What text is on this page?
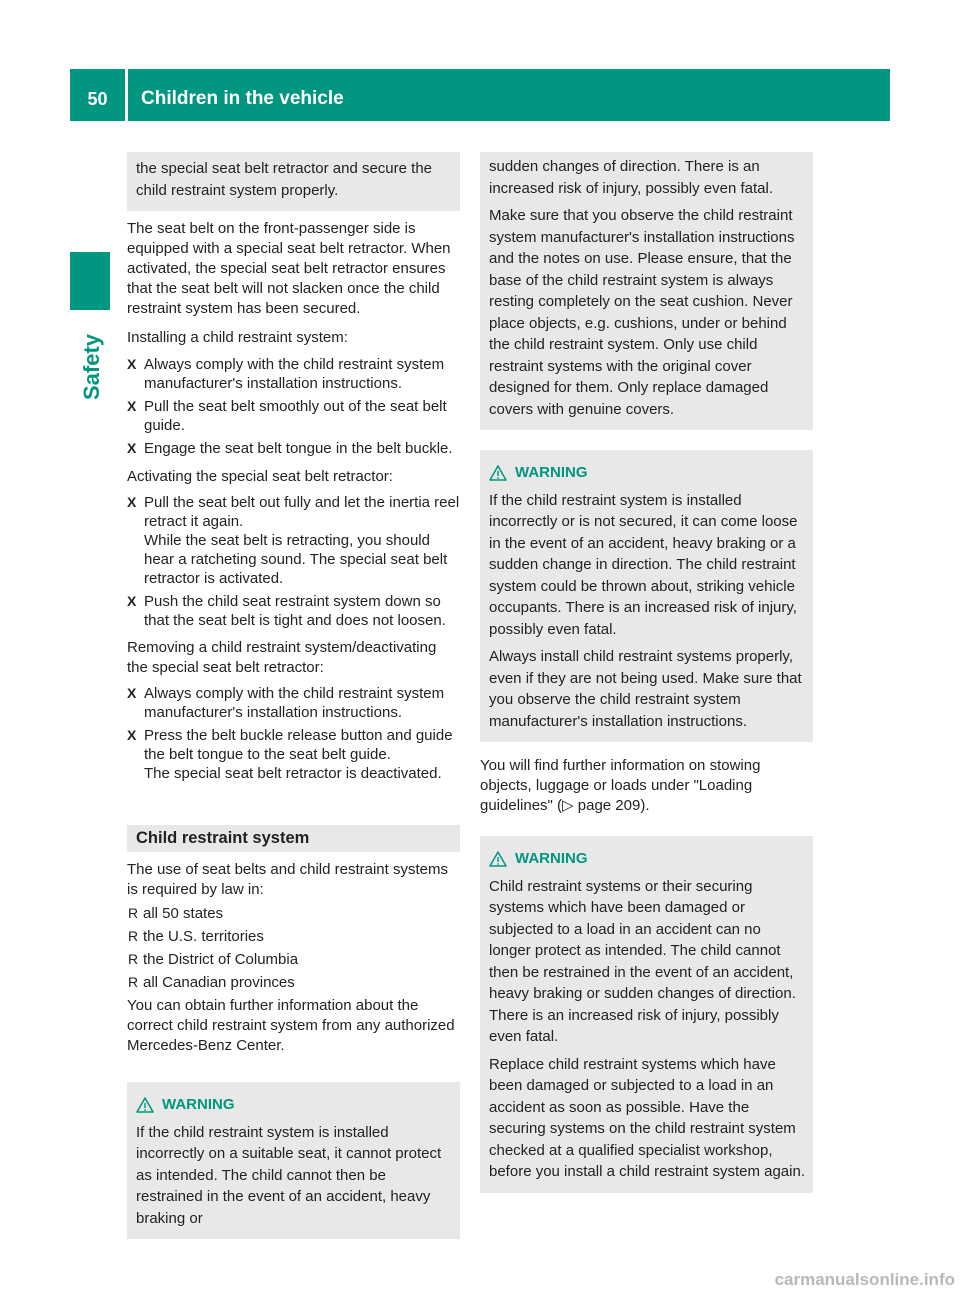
50	Children in the vehicle
Safety

the special seat belt retractor and secure the child restraint system properly.

The seat belt on the front-passenger side is equipped with a special seat belt retractor. When activated, the special seat belt retractor ensures that the seat belt will not slacken once the child restraint system has been secured.
Installing a child restraint system:
X Always comply with the child restraint system manufacturer's installation instructions.
X Pull the seat belt smoothly out of the seat belt guide.
X Engage the seat belt tongue in the belt buckle.
Activating the special seat belt retractor:
X Pull the seat belt out fully and let the inertia reel retract it again.
While the seat belt is retracting, you should hear a ratcheting sound. The special seat belt retractor is activated.
X Push the child seat restraint system down so that the seat belt is tight and does not loosen.
Removing a child restraint system/deactivating the special seat belt retractor:
X Always comply with the child restraint system manufacturer's installation instructions.
X Press the belt buckle release button and guide the belt tongue to the seat belt guide.
The special seat belt retractor is deactivated.
Child restraint system
The use of seat belts and child restraint systems is required by law in:
R all 50 states
R the U.S. territories
R the District of Columbia
R all Canadian provinces
You can obtain further information about the correct child restraint system from any authorized Mercedes-Benz Center.
WARNING

If the child restraint system is installed incorrectly on a suitable seat, it cannot protect as intended. The child cannot then be restrained in the event of an accident, heavy braking or

sudden changes of direction. There is an increased risk of injury, possibly even fatal.

Make sure that you observe the child restraint system manufacturer's installation instructions and the notes on use. Please ensure, that the base of the child restraint system is always resting completely on the seat cushion. Never place objects, e.g. cushions, under or behind the child restraint system. Only use child restraint systems with the original cover designed for them. Only replace damaged covers with genuine covers.

WARNING

If the child restraint system is installed incorrectly or is not secured, it can come loose in the event of an accident, heavy braking or a sudden change in direction. The child restraint system could be thrown about, striking vehicle occupants. There is an increased risk of injury, possibly even fatal.

Always install child restraint systems properly, even if they are not being used. Make sure that you observe the child restraint system manufacturer's installation instructions.

You will find further information on stowing objects, luggage or loads under "Loading guidelines" (▷ page 209).
WARNING

Child restraint systems or their securing systems which have been damaged or subjected to a load in an accident can no longer protect as intended. The child cannot then be restrained in the event of an accident, heavy braking or sudden changes of direction. There is an increased risk of injury, possibly even fatal.

Replace child restraint systems which have been damaged or subjected to a load in an accident as soon as possible. Have the securing systems on the child restraint system checked at a qualified specialist workshop, before you install a child restraint system again.

carmanualsonline.info
